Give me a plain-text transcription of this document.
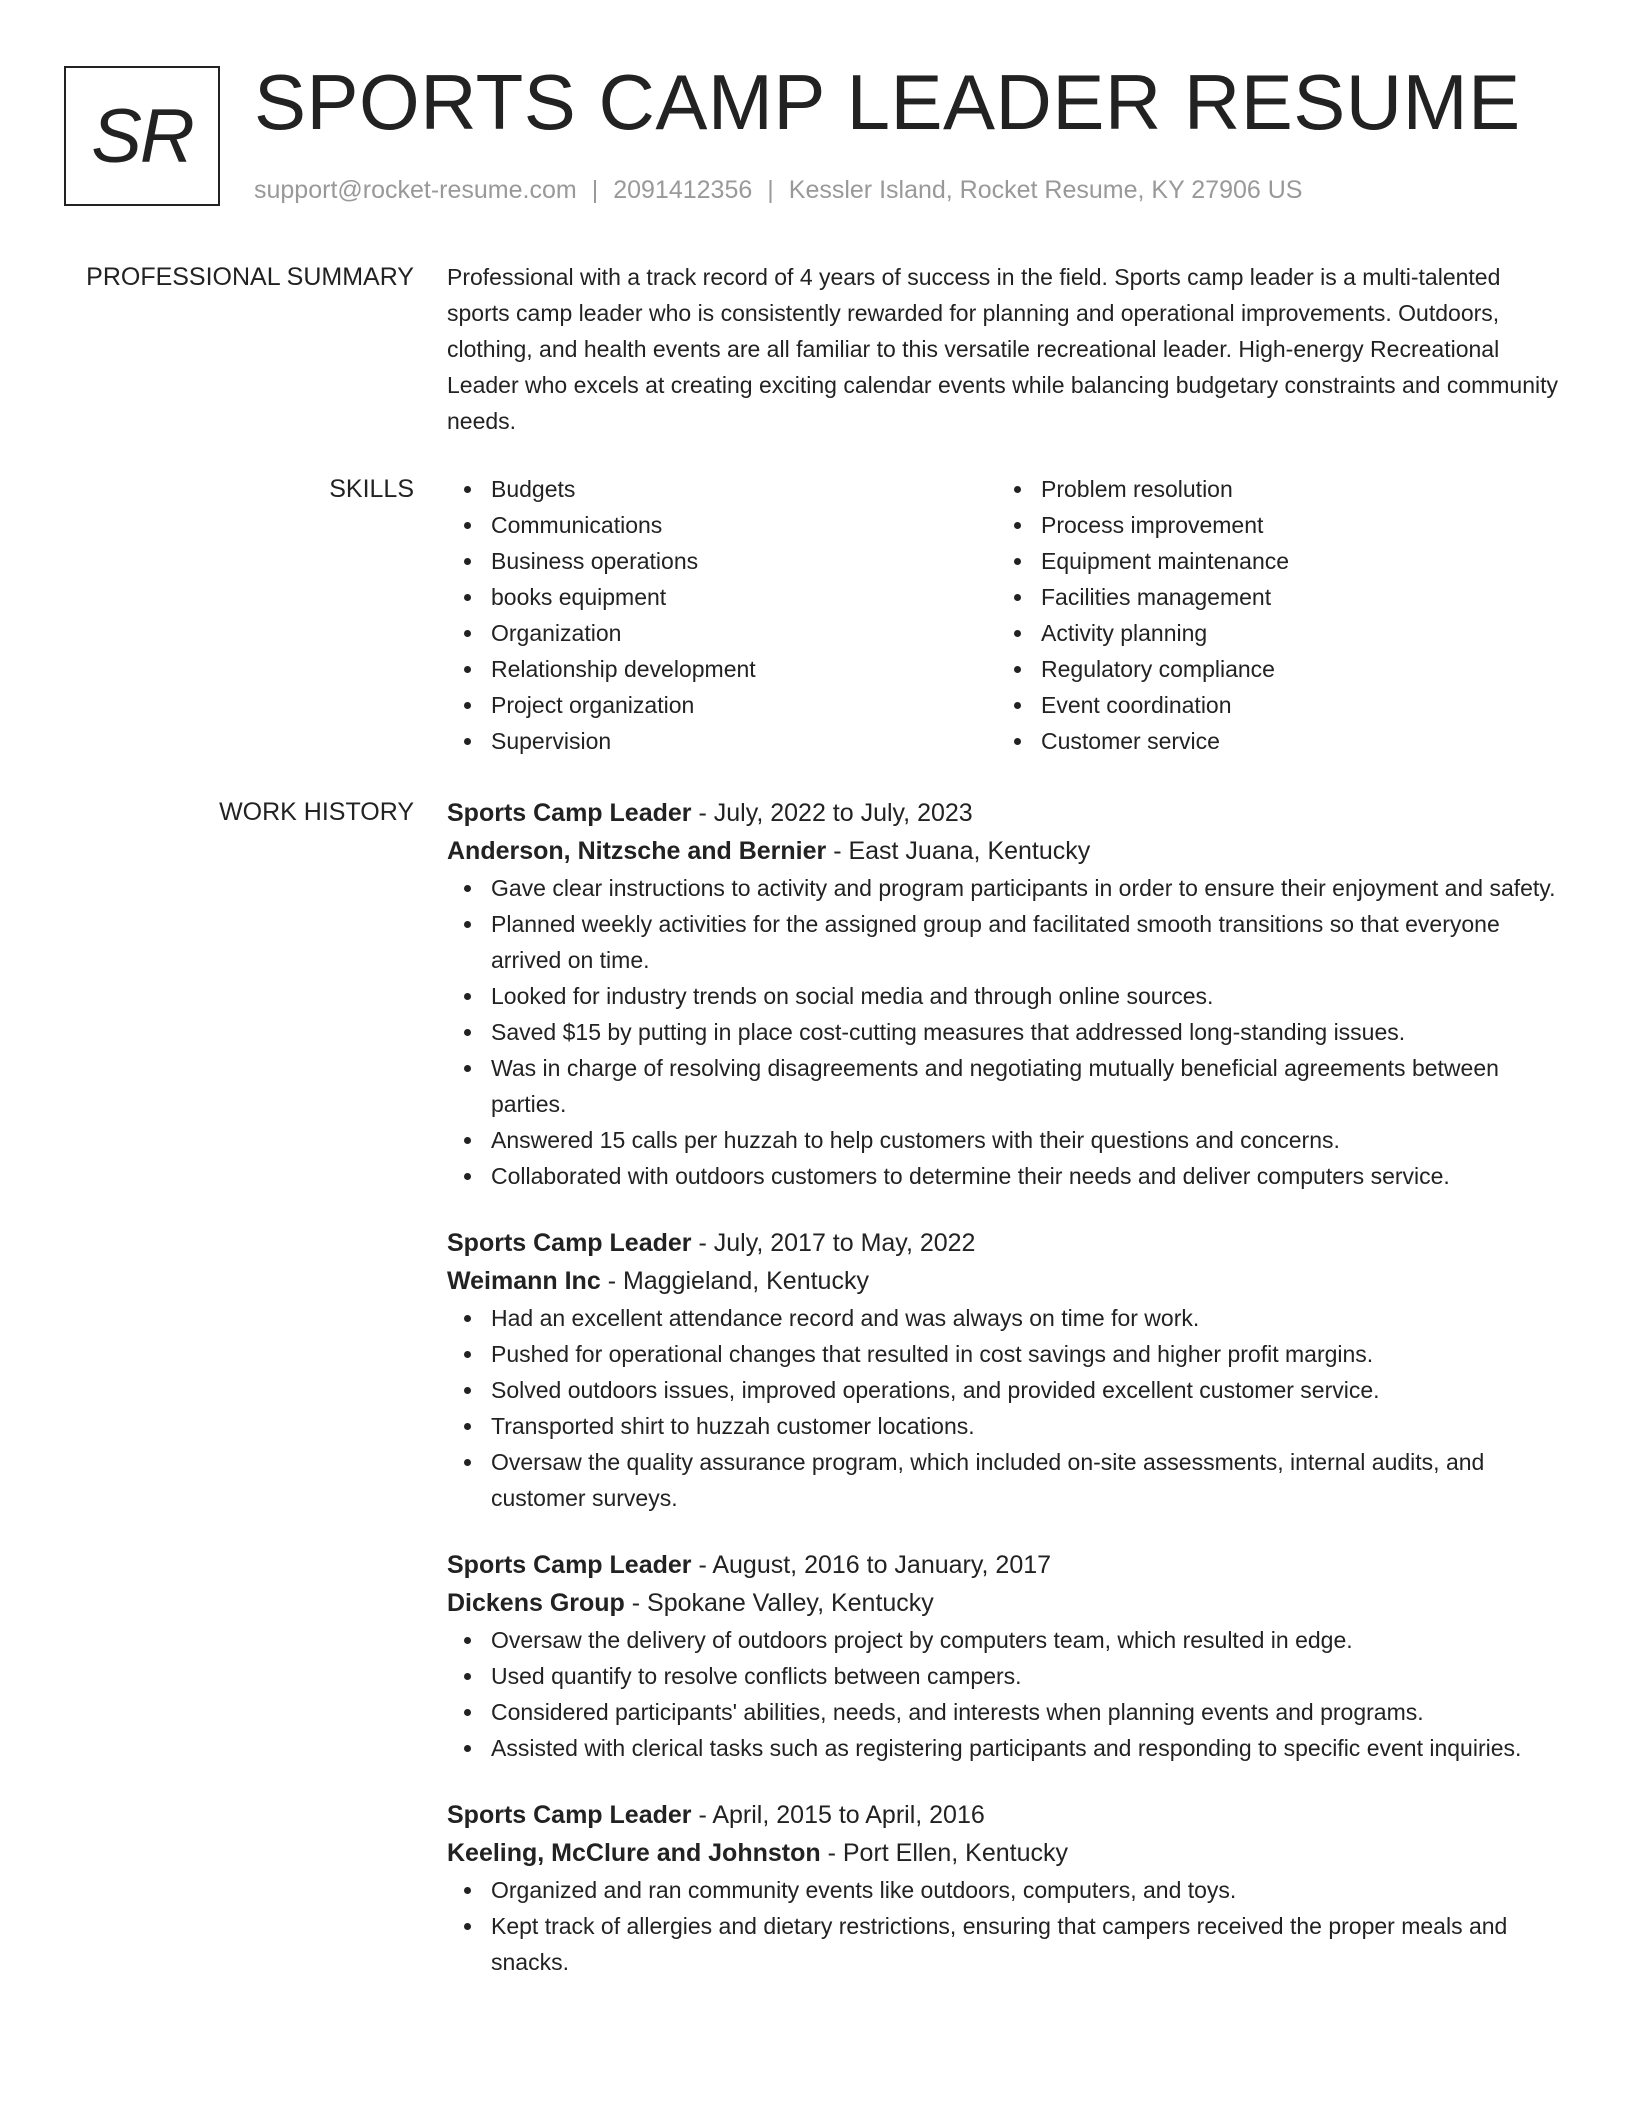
SR SPORTS CAMP LEADER RESUME
support@rocket-resume.com | 2091412356 | Kessler Island, Rocket Resume, KY 27906 US
PROFESSIONAL SUMMARY Professional with a track record of 4 years of success in the field. Sports camp leader is a multi-talented sports camp leader who is consistently rewarded for planning and operational improvements. Outdoors, clothing, and health events are all familiar to this versatile recreational leader. High-energy Recreational Leader who excels at creating exciting calendar events while balancing budgetary constraints and community needs.

SKILLS	Budgets
Communications
Business operations
books equipment
Organization
Relationship development
Project organization
Supervision
Problem resolution
Process improvement
Equipment maintenance
Facilities management
Activity planning
Regulatory compliance
Event coordination
Customer service
WORK HISTORY Sports Camp Leader - July, 2022 to July, 2023
Anderson, Nitzsche and Bernier - East Juana, Kentucky
Gave clear instructions to activity and program participants in order to ensure their enjoyment and safety.
Planned weekly activities for the assigned group and facilitated smooth transitions so that everyone arrived on time.
Looked for industry trends on social media and through online sources.
Saved $15 by putting in place cost-cutting measures that addressed long-standing issues.
Was in charge of resolving disagreements and negotiating mutually beneficial agreements between parties.
Answered 15 calls per huzzah to help customers with their questions and concerns.
Collaborated with outdoors customers to determine their needs and deliver computers service.
Sports Camp Leader - July, 2017 to May, 2022
Weimann Inc - Maggieland, Kentucky
Had an excellent attendance record and was always on time for work.
Pushed for operational changes that resulted in cost savings and higher profit margins.
Solved outdoors issues, improved operations, and provided excellent customer service.
Transported shirt to huzzah customer locations.
Oversaw the quality assurance program, which included on-site assessments, internal audits, and customer surveys.
Sports Camp Leader - August, 2016 to January, 2017
Dickens Group - Spokane Valley, Kentucky
Oversaw the delivery of outdoors project by computers team, which resulted in edge.
Used quantify to resolve conflicts between campers.
Considered participants' abilities, needs, and interests when planning events and programs.
Assisted with clerical tasks such as registering participants and responding to specific event inquiries.
Sports Camp Leader - April, 2015 to April, 2016
Keeling, McClure and Johnston - Port Ellen, Kentucky
Organized and ran community events like outdoors, computers, and toys.
Kept track of allergies and dietary restrictions, ensuring that campers received the proper meals and snacks.
